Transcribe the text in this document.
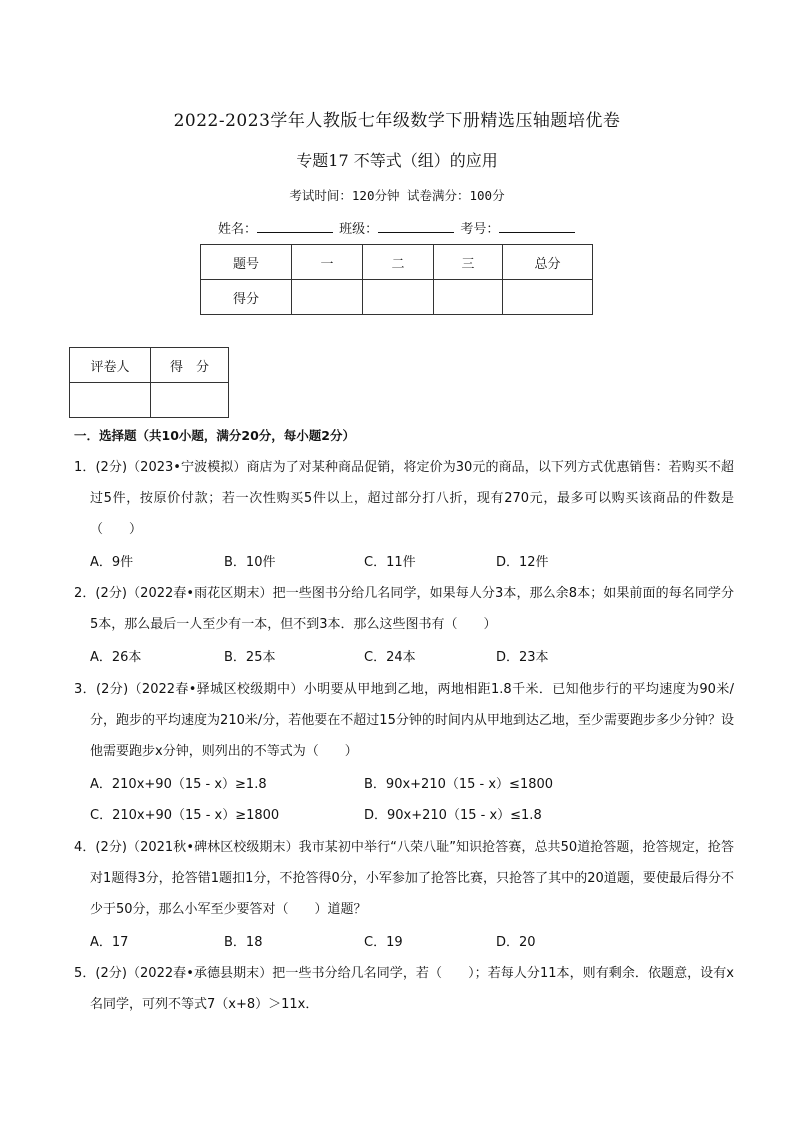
2022-2023学年人教版七年级数学下册精选压轴题培优卷
专题17 不等式（组）的应用
考试时间：120分钟 试卷满分：100分
姓名：	班级：	考号：
题号	一	二	三	总分
得分				
评卷人	得　分

一．选择题（共10小题，满分20分，每小题2分）

1．(2分)（2023•宁波模拟）商店为了对某种商品促销，将定价为30元的商品，以下列方式优惠销售：若购买不超过5件，按原价付款；若一次性购买5件以上，超过部分打八折，现有270元，最多可以购买该商品的件数是（　　）

A．9件	B．10件	C．11件	D．12件

2．(2分)（2022春•雨花区期末）把一些图书分给几名同学，如果每人分3本，那么余8本；如果前面的每名同学分5本，那么最后一人至少有一本，但不到3本．那么这些图书有（　　）

A．26本	B．25本	C．24本	D．23本

3．(2分)（2022春•驿城区校级期中）小明要从甲地到乙地，两地相距1.8千米．已知他步行的平均速度为90米/分，跑步的平均速度为210米/分，若他要在不超过15分钟的时间内从甲地到达乙地，至少需要跑步多少分钟？设他需要跑步x分钟，则列出的不等式为（　　）

A．210x+90（15 - x）≥1.8	B．90x+210（15 - x）≤1800
C．210x+90（15 - x）≥1800	D．90x+210（15 - x）≤1.8

4．(2分)（2021秋•碑林区校级期末）我市某初中举行“八荣八耻”知识抢答赛，总共50道抢答题，抢答规定，抢答对1题得3分，抢答错1题扣1分，不抢答得0分，小军参加了抢答比赛，只抢答了其中的20道题，要使最后得分不少于50分，那么小军至少要答对（　　）道题？

A．17	B．18	C．19	D．20

5．(2分)（2022春•承德县期末）把一些书分给几名同学，若（　　）；若每人分11本，则有剩余．依题意，设有x名同学，可列不等式7（x+8）＞11x．
